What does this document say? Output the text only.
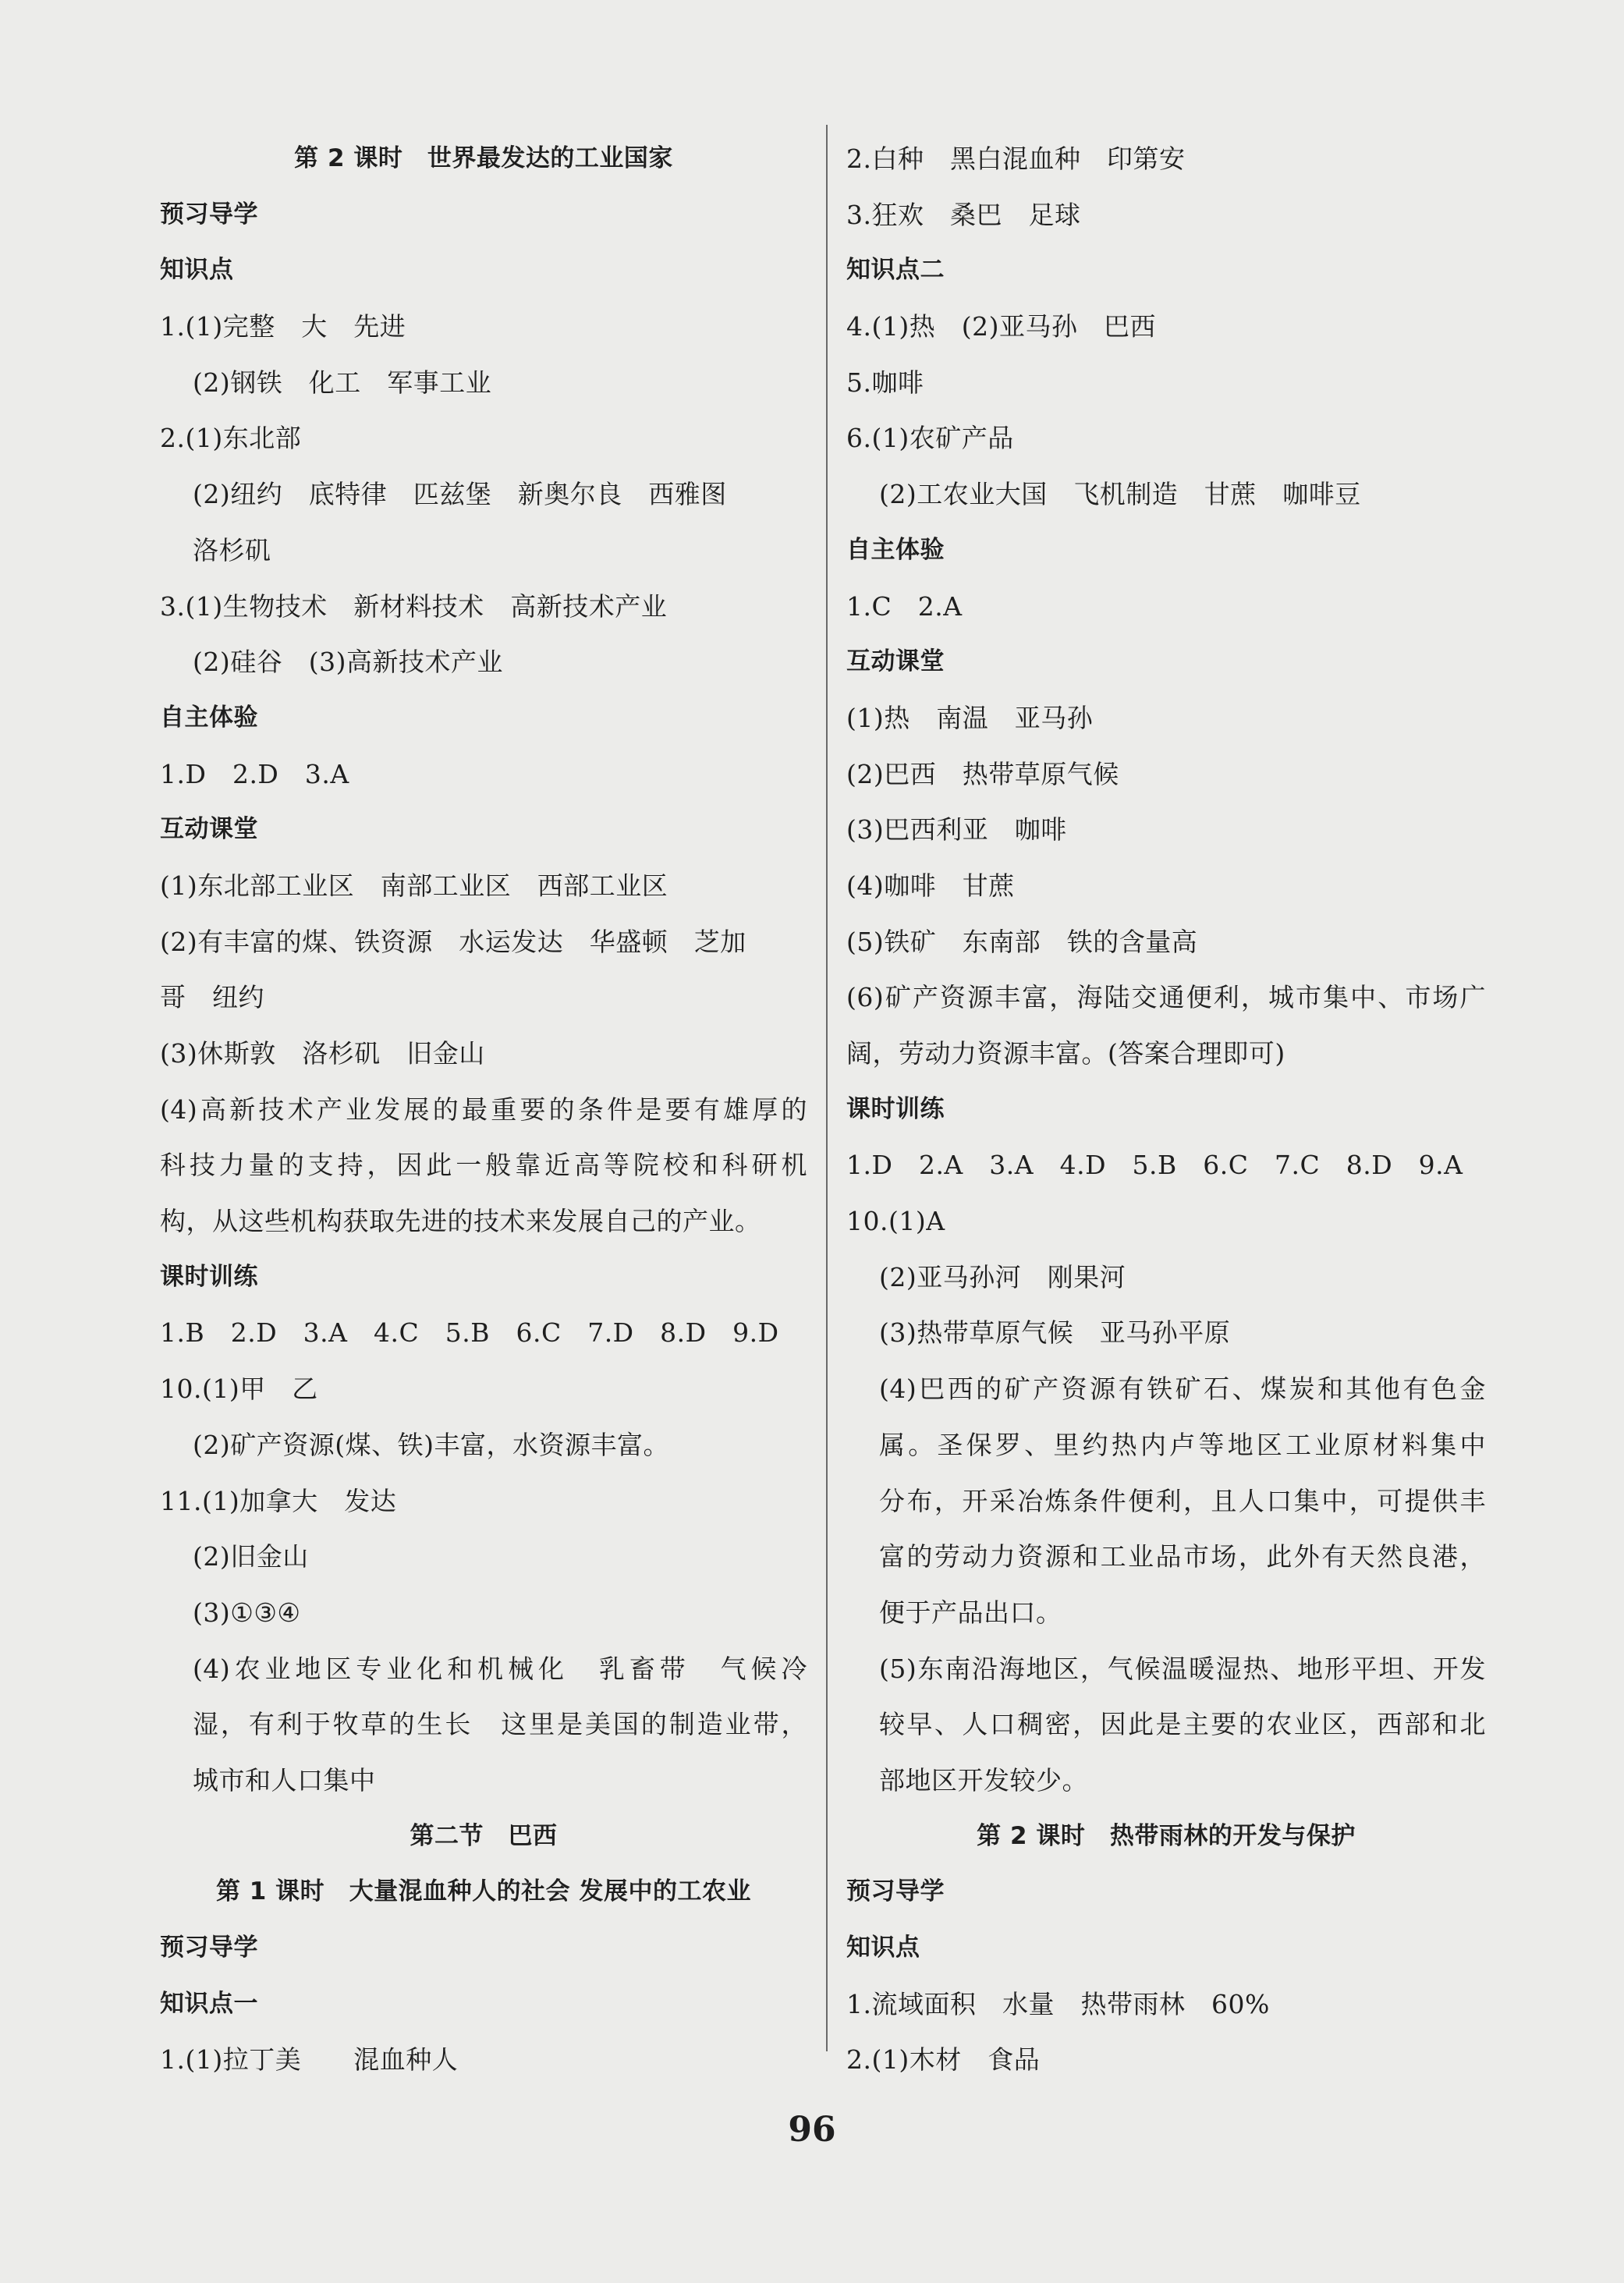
第 2 课时　世界最发达的工业国家
预习导学
知识点
1.(1)完整　大　先进
(2)钢铁　化工　军事工业
2.(1)东北部
(2)纽约　底特律　匹兹堡　新奥尔良　西雅图
洛杉矶
3.(1)生物技术　新材料技术　高新技术产业
(2)硅谷　(3)高新技术产业
自主体验
1.D　2.D　3.A
互动课堂
(1)东北部工业区　南部工业区　西部工业区
(2)有丰富的煤、铁资源　水运发达　华盛顿　芝加
哥　纽约
(3)休斯敦　洛杉矶　旧金山
(4)高新技术产业发展的最重要的条件是要有雄厚的
科技力量的支持，因此一般靠近高等院校和科研机
构，从这些机构获取先进的技术来发展自己的产业。
课时训练
1.B　2.D　3.A　4.C　5.B　6.C　7.D　8.D　9.D
10.(1)甲　乙
(2)矿产资源(煤、铁)丰富，水资源丰富。
11.(1)加拿大　发达
(2)旧金山
(3)①③④
(4)农业地区专业化和机械化　乳畜带　气候冷
湿，有利于牧草的生长　这里是美国的制造业带，
城市和人口集中
第二节　巴西
第 1 课时　大量混血种人的社会 发展中的工农业
预习导学
知识点一
1.(1)拉丁美　　混血种人
2.白种　黑白混血种　印第安
3.狂欢　桑巴　足球
知识点二
4.(1)热　(2)亚马孙　巴西
5.咖啡
6.(1)农矿产品
(2)工农业大国　飞机制造　甘蔗　咖啡豆
自主体验
1.C　2.A
互动课堂
(1)热　南温　亚马孙
(2)巴西　热带草原气候
(3)巴西利亚　咖啡
(4)咖啡　甘蔗
(5)铁矿　东南部　铁的含量高
(6)矿产资源丰富，海陆交通便利，城市集中、市场广
阔，劳动力资源丰富。(答案合理即可)
课时训练
1.D　2.A　3.A　4.D　5.B　6.C　7.C　8.D　9.A
10.(1)A
(2)亚马孙河　刚果河
(3)热带草原气候　亚马孙平原
(4)巴西的矿产资源有铁矿石、煤炭和其他有色金
属。圣保罗、里约热内卢等地区工业原材料集中
分布，开采冶炼条件便利，且人口集中，可提供丰
富的劳动力资源和工业品市场，此外有天然良港，
便于产品出口。
(5)东南沿海地区，气候温暖湿热、地形平坦、开发
较早、人口稠密，因此是主要的农业区，西部和北
部地区开发较少。
第 2 课时　热带雨林的开发与保护
预习导学
知识点
1.流域面积　水量　热带雨林　60%
2.(1)木材　食品
96
